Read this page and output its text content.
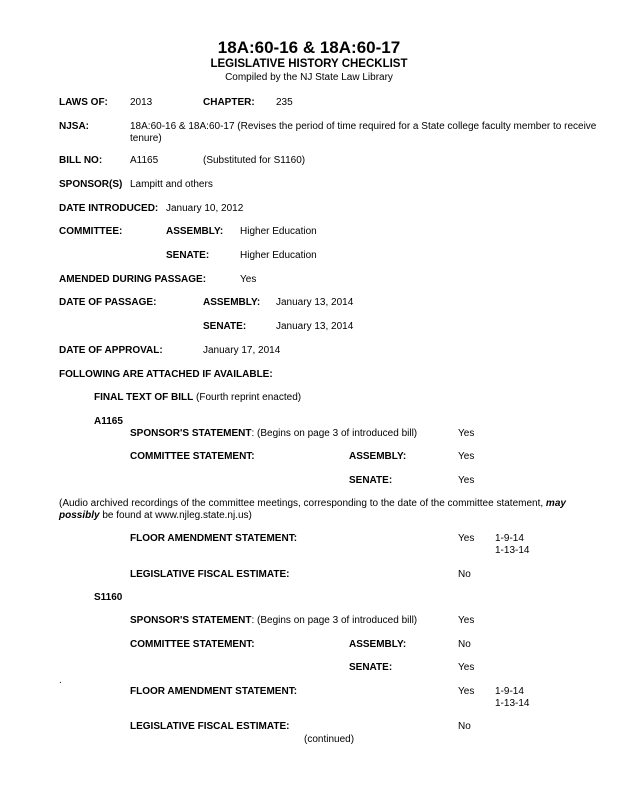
18A:60-16 & 18A:60-17
LEGISLATIVE HISTORY CHECKLIST
Compiled by the NJ State Law Library
LAWS OF: 2013	CHAPTER: 235
NJSA:	18A:60-16 & 18A:60-17 (Revises the period of time required for a State college faculty member to receive tenure)
BILL NO:	A1165	(Substituted for S1160)
SPONSOR(S) Lampitt and others
DATE INTRODUCED: January 10, 2012
COMMITTEE:	ASSEMBLY: Higher Education
SENATE:	Higher Education
AMENDED DURING PASSAGE:	Yes
DATE OF PASSAGE:	ASSEMBLY: January 13, 2014
SENATE:	January 13, 2014
DATE OF APPROVAL:	January 17, 2014
FOLLOWING ARE ATTACHED IF AVAILABLE:
FINAL TEXT OF BILL (Fourth reprint enacted)
A1165
SPONSOR'S STATEMENT: (Begins on page 3 of introduced bill)	Yes
COMMITTEE STATEMENT:	ASSEMBLY:	Yes
SENATE:	Yes
(Audio archived recordings of the committee meetings, corresponding to the date of the committee statement, may possibly be found at www.njleg.state.nj.us)
FLOOR AMENDMENT STATEMENT:	Yes 1-9-14
1-13-14
LEGISLATIVE FISCAL ESTIMATE:	No
S1160
SPONSOR'S STATEMENT: (Begins on page 3 of introduced bill)	Yes
COMMITTEE STATEMENT:	ASSEMBLY:	No
SENATE:	Yes
.
FLOOR AMENDMENT STATEMENT:	Yes 1-9-14
1-13-14
LEGISLATIVE FISCAL ESTIMATE:	No
(continued)
